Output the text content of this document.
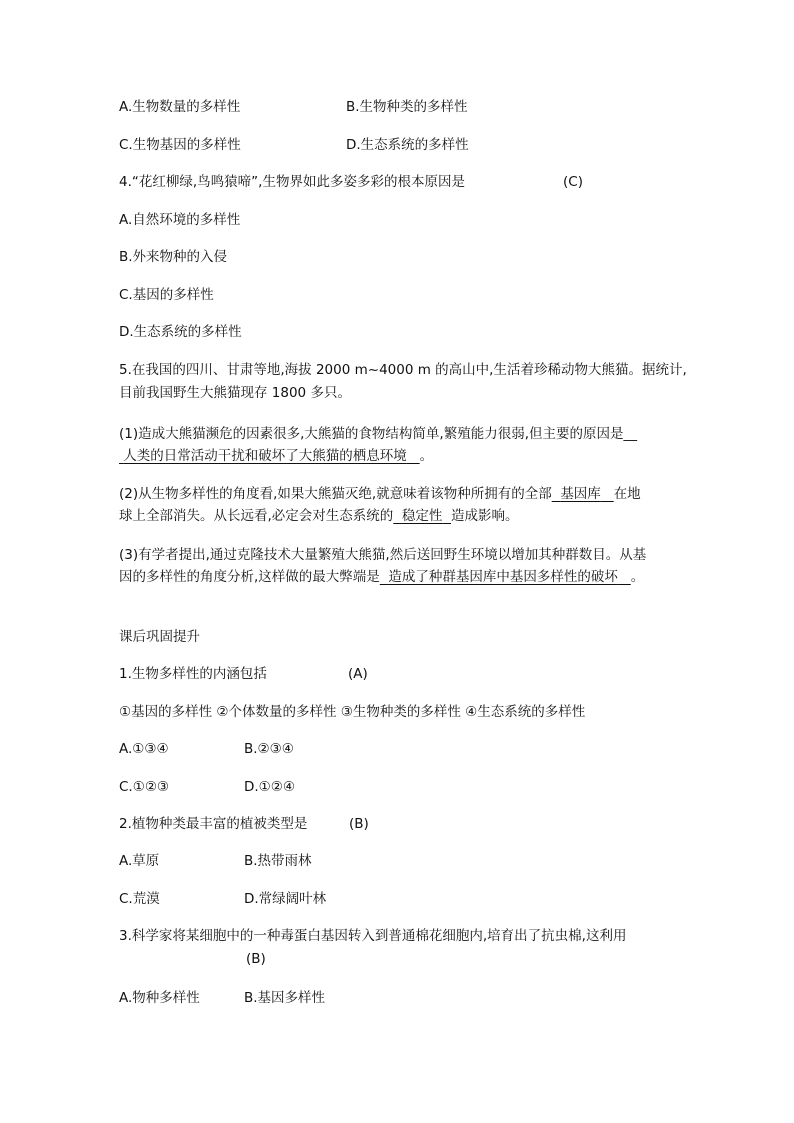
A.生物数量的多样性	B.生物种类的多样性
C.生物基因的多样性	D.生态系统的多样性
4.“花红柳绿,鸟鸣猿啼”,生物界如此多姿多彩的根本原因是	(C)
A.自然环境的多样性
B.外来物种的入侵
C.基因的多样性
D.生态系统的多样性
5.在我国的四川、甘肃等地,海拔 2000 m~4000 m 的高山中,生活着珍稀动物大熊猫。据统计,
目前我国野生大熊猫现存 1800 多只。
(1)造成大熊猫濒危的因素很多,大熊猫的食物结构简单,繁殖能力很弱,但主要的原因是__
人类的日常活动干扰和破坏了大熊猫的栖息环境 。
(2)从生物多样性的角度看,如果大熊猫灭绝,就意味着该物种所拥有的全部 基因库 在地
球上全部消失。从长远看,必定会对生态系统的 稳定性 造成影响。
(3)有学者提出,通过克隆技术大量繁殖大熊猫,然后送回野生环境以增加其种群数目。从基
因的多样性的角度分析,这样做的最大弊端是 造成了种群基因库中基因多样性的破坏 。
课后巩固提升
1.生物多样性的内涵包括	(A)
①基因的多样性 ②个体数量的多样性 ③生物种类的多样性 ④生态系统的多样性
A.①③④	B.②③④
C.①②③	D.①②④
2.植物种类最丰富的植被类型是	(B)
A.草原	B.热带雨林
C.荒漠	D.常绿阔叶林
3.科学家将某细胞中的一种毒蛋白基因转入到普通棉花细胞内,培育出了抗虫棉,这利用
(B)
A.物种多样性	B.基因多样性
